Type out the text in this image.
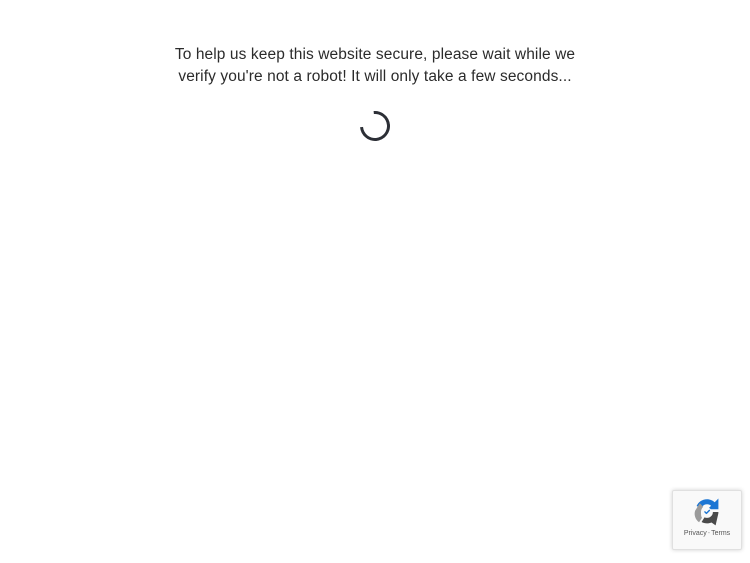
To help us keep this website secure, please wait while we verify you're not a robot! It will only take a few seconds...
Privacy-Terms
